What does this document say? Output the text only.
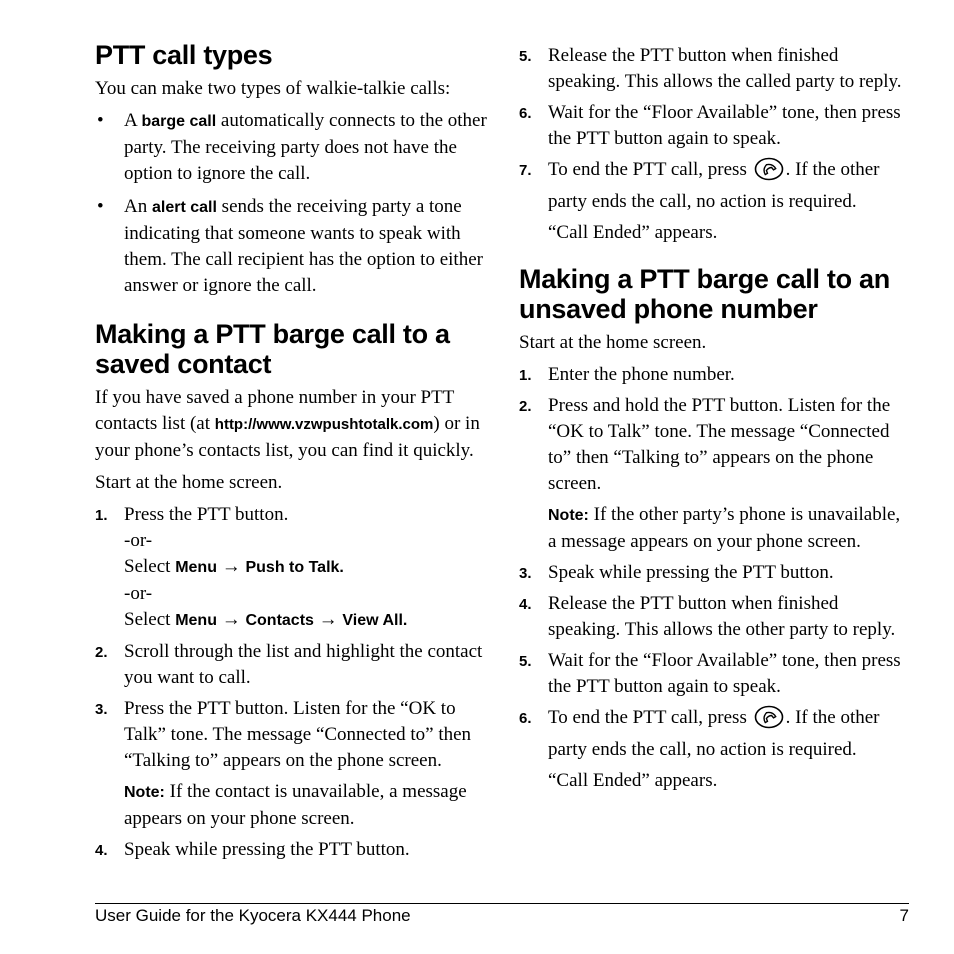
PTT call types

You can make two types of walkie-talkie calls:

• A barge call automatically connects to the other party. The receiving party does not have the option to ignore the call.
• An alert call sends the receiving party a tone indicating that someone wants to speak with them. The call recipient has the option to either answer or ignore the call.
Making a PTT barge call to a saved contact

If you have saved a phone number in your PTT contacts list (at http://www.vzwpushtotalk.com) or in your phone’s contacts list, you can find it quickly.

Start at the home screen.

1. Press the PTT button.
-or-
Select Menu → Push to Talk.
-or-
Select Menu → Contacts → View All.
2. Scroll through the list and highlight the contact you want to call.
3. Press the PTT button. Listen for the “OK to Talk” tone. The message “Connected to” then “Talking to” appears on the phone screen.
Note: If the contact is unavailable, a message appears on your phone screen.
4. Speak while pressing the PTT button.
5. Release the PTT button when finished speaking. This allows the called party to reply.
6. Wait for the “Floor Available” tone, then press the PTT button again to speak.
7. To end the PTT call, press . If the other party ends the call, no action is required.
“Call Ended” appears.
Making a PTT barge call to an unsaved phone number

Start at the home screen.

1. Enter the phone number.
2. Press and hold the PTT button. Listen for the “OK to Talk” tone. The message “Connected to” then “Talking to” appears on the phone screen.
Note: If the other party’s phone is unavailable, a message appears on your phone screen.
3. Speak while pressing the PTT button.
4. Release the PTT button when finished speaking. This allows the other party to reply.
5. Wait for the “Floor Available” tone, then press the PTT button again to speak.
6. To end the PTT call, press . If the other party ends the call, no action is required.
“Call Ended” appears.
User Guide for the Kyocera KX444 Phone	7
